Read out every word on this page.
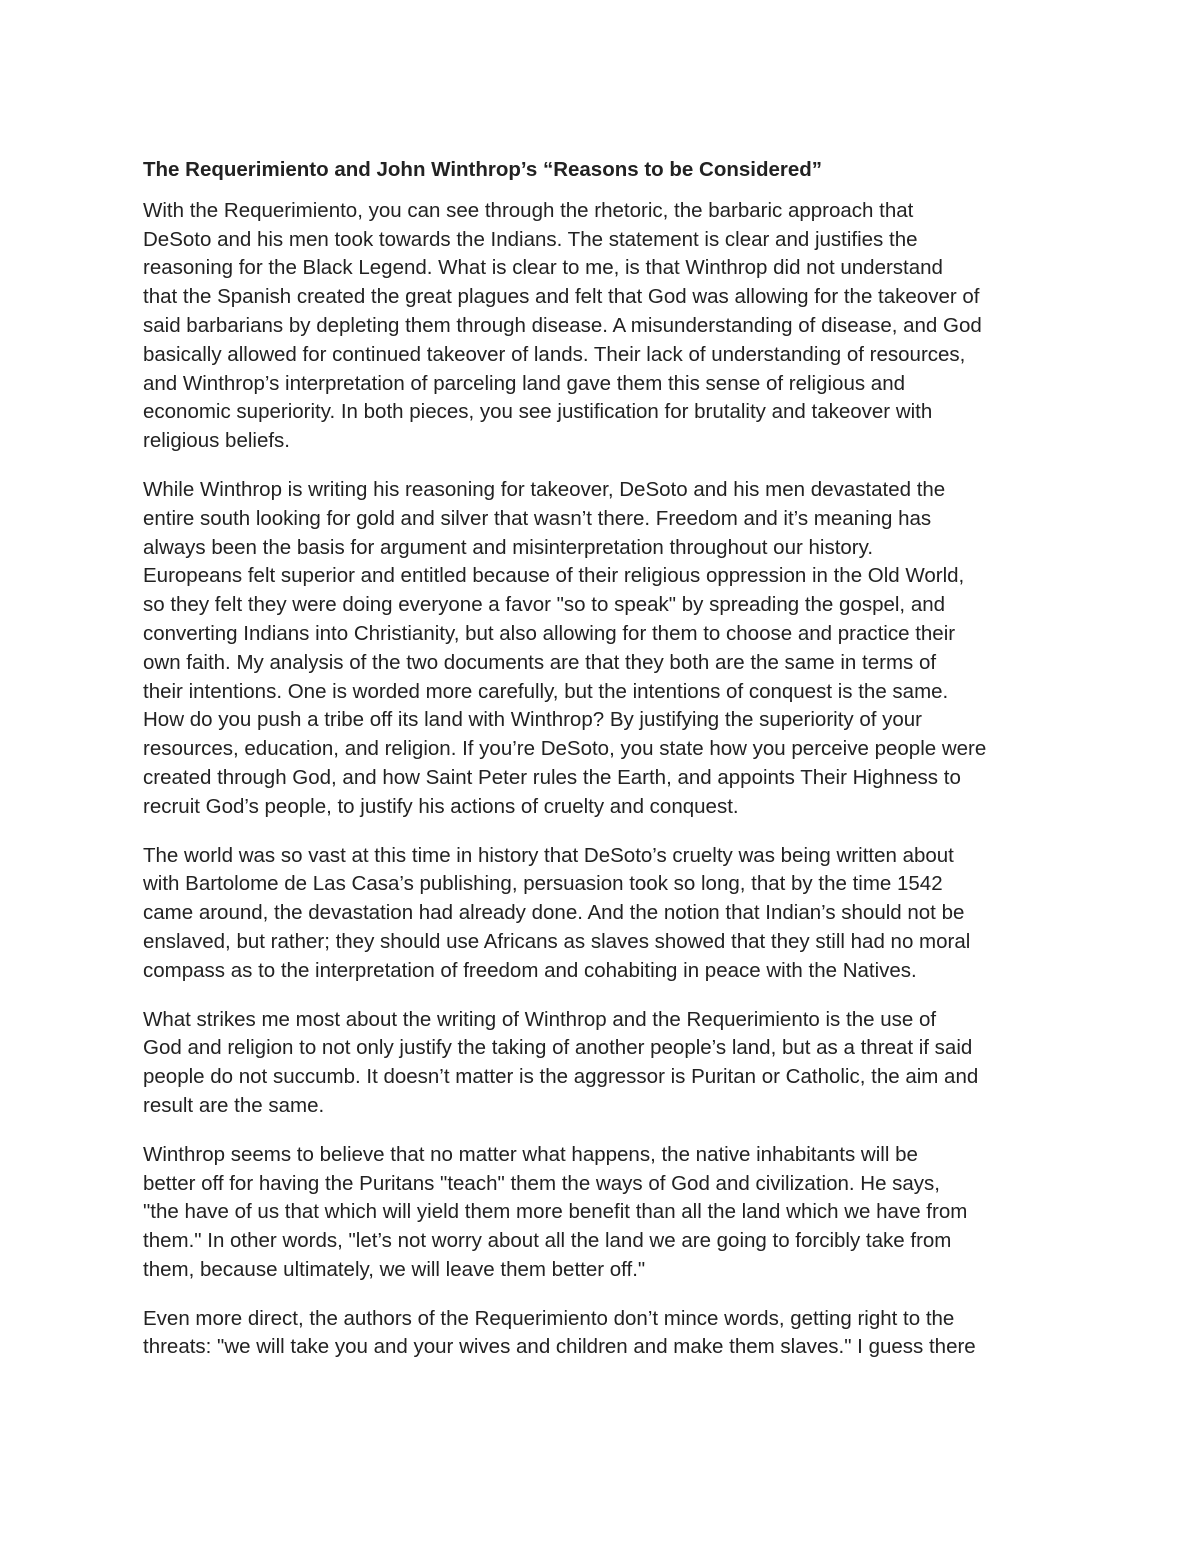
The Requerimiento and John Winthrop’s “Reasons to be Considered”
With the Requerimiento, you can see through the rhetoric, the barbaric approach that
DeSoto and his men took towards the Indians. The statement is clear and justifies the
reasoning for the Black Legend. What is clear to me, is that Winthrop did not understand
that the Spanish created the great plagues and felt that God was allowing for the takeover of
said barbarians by depleting them through disease. A misunderstanding of disease, and God
basically allowed for continued takeover of lands. Their lack of understanding of resources,
and Winthrop’s interpretation of parceling land gave them this sense of religious and
economic superiority. In both pieces, you see justification for brutality and takeover with
religious beliefs.
While Winthrop is writing his reasoning for takeover, DeSoto and his men devastated the
entire south looking for gold and silver that wasn’t there. Freedom and it’s meaning has
always been the basis for argument and misinterpretation throughout our history.
Europeans felt superior and entitled because of their religious oppression in the Old World,
so they felt they were doing everyone a favor "so to speak" by spreading the gospel, and
converting Indians into Christianity, but also allowing for them to choose and practice their
own faith. My analysis of the two documents are that they both are the same in terms of
their intentions. One is worded more carefully, but the intentions of conquest is the same.
How do you push a tribe off its land with Winthrop? By justifying the superiority of your
resources, education, and religion. If you’re DeSoto, you state how you perceive people were
created through God, and how Saint Peter rules the Earth, and appoints Their Highness to
recruit God’s people, to justify his actions of cruelty and conquest.
The world was so vast at this time in history that DeSoto’s cruelty was being written about
with Bartolome de Las Casa’s publishing, persuasion took so long, that by the time 1542
came around, the devastation had already done. And the notion that Indian’s should not be
enslaved, but rather; they should use Africans as slaves showed that they still had no moral
compass as to the interpretation of freedom and cohabiting in peace with the Natives.
What strikes me most about the writing of Winthrop and the Requerimiento is the use of
God and religion to not only justify the taking of another people’s land, but as a threat if said
people do not succumb. It doesn’t matter is the aggressor is Puritan or Catholic, the aim and
result are the same.
Winthrop seems to believe that no matter what happens, the native inhabitants will be
better off for having the Puritans "teach" them the ways of God and civilization. He says,
"the have of us that which will yield them more benefit than all the land which we have from
them." In other words, "let’s not worry about all the land we are going to forcibly take from
them, because ultimately, we will leave them better off."
Even more direct, the authors of the Requerimiento don’t mince words, getting right to the
threats: "we will take you and your wives and children and make them slaves." I guess there
